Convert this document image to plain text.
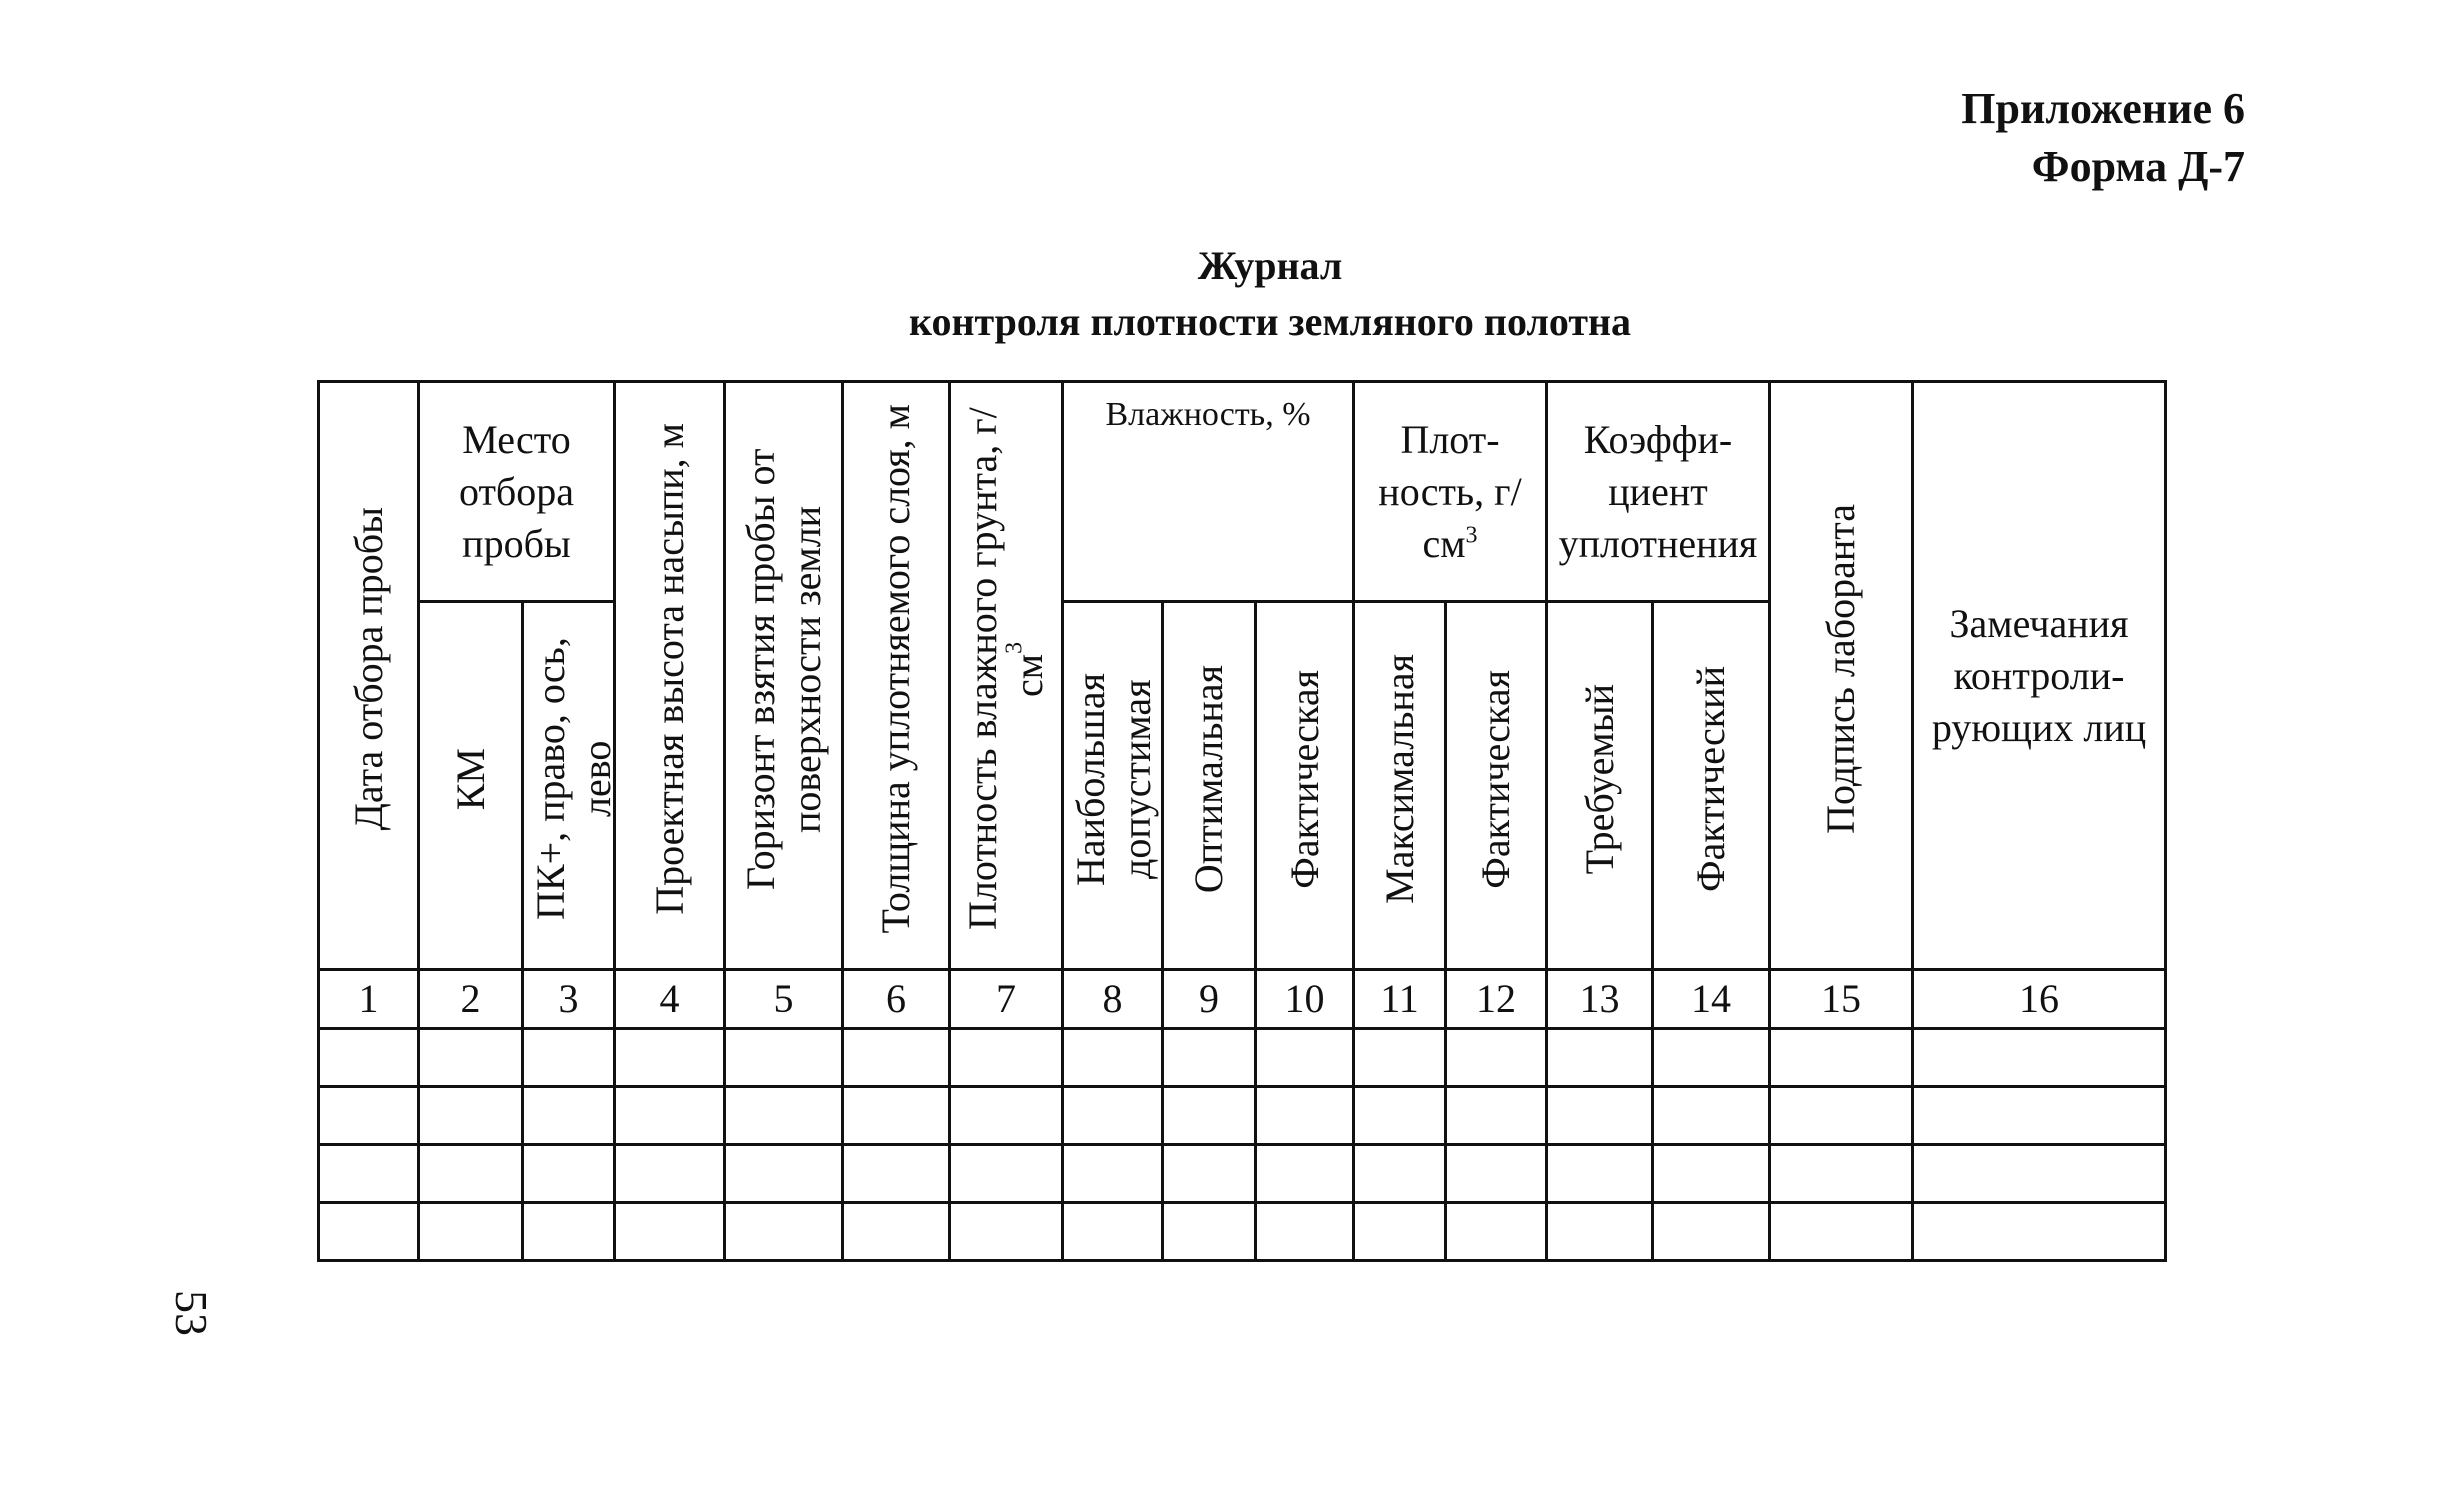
Приложение 6
Форма Д-7
Журнал
контроля плотности земляного полотна
Дата отбора пробы	Место отбора пробы		Проектная высота насыпи, м	Горизонт взятия пробы от поверхности земли	Толщина уплотняемого слоя, м	Плотность влажного грунта, $г/см^3$	Влажность, %			Плот-ность, $г/см^3$		Коэффи-циент уплотнения		Подпись лаборанта	Замечания контроли-рующих лиц
	КМ	ПК+, право, ось, лево					Наибольшая допустимая	Оптимальная	Фактическая	Максимальная	Фактическая	Требуемый	Фактический		
1	2	3	4	5	6	7	8	9	10	11	12	13	14	15	16

53
